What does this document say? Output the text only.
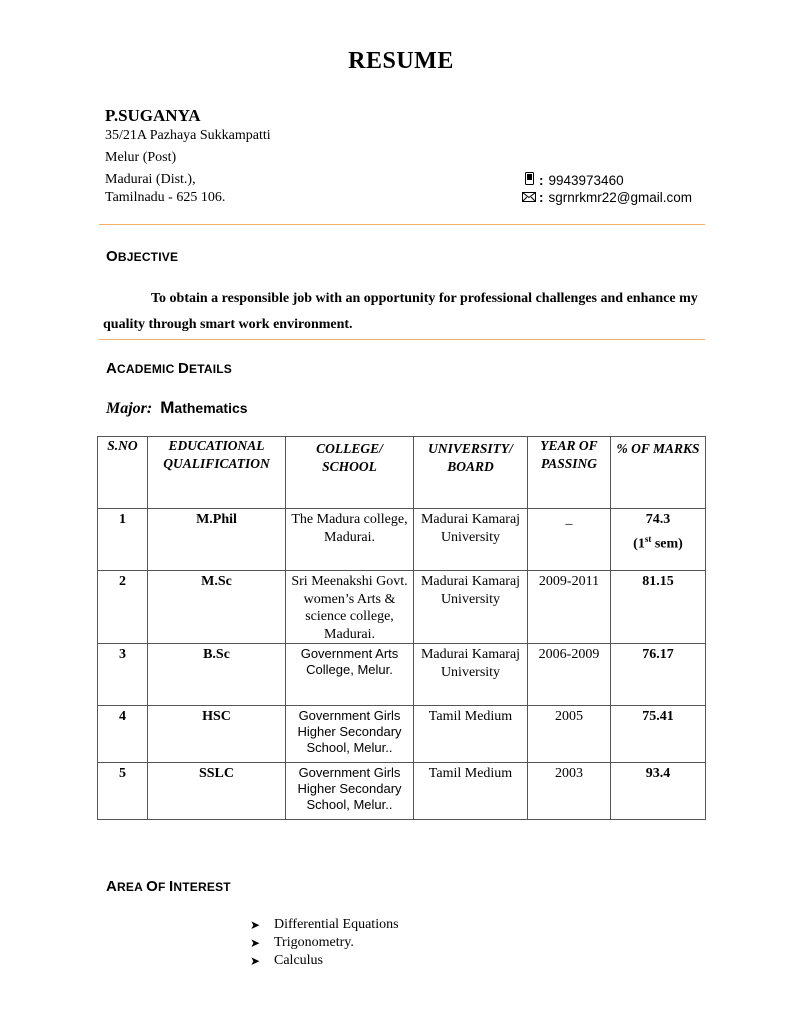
RESUME
P.SUGANYA
35/21A Pazhaya Sukkampatti
Melur (Post)
Madurai (Dist.),
Tamilnadu - 625 106.
: 9943973460
: sgrnrkmr22@gmail.com
OBJECTIVE
To obtain a responsible job with an opportunity for professional challenges and enhance my quality through smart work environment.
ACADEMIC DETAILS
Major: Mathematics
S.NO	EDUCATIONAL QUALIFICATION	COLLEGE/ SCHOOL	UNIVERSITY/ BOARD	YEAR OF PASSING	% OF MARKS
1	M.Phil	The Madura college, Madurai.	Madurai Kamaraj University	_	74.3
(1st sem)

2	M.Sc	Sri Meenakshi Govt. women’s Arts & science college, Madurai.	Madurai Kamaraj University	2009-2011	81.15
3	B.Sc	Government Arts College, Melur.	Madurai Kamaraj University	2006-2009	76.17
4	HSC	Government Girls Higher Secondary School, Melur..	Tamil Medium	2005	75.41
5	SSLC	Government Girls Higher Secondary School, Melur..	Tamil Medium	2003	93.4
AREA OF INTEREST
➤ Differential Equations
➤ Trigonometry.
➤ Calculus
